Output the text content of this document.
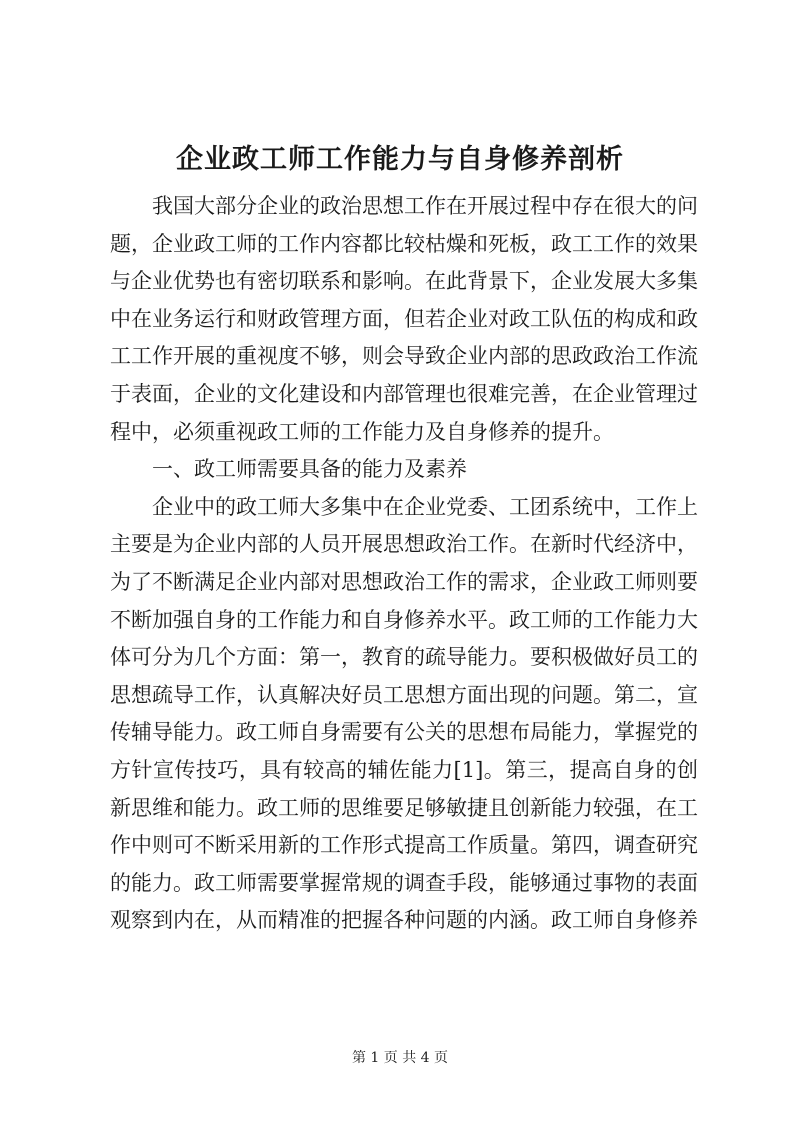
企业政工师工作能力与自身修养剖析

我国大部分企业的政治思想工作在开展过程中存在很大的问题，企业政工师的工作内容都比较枯燥和死板，政工工作的效果与企业优势也有密切联系和影响。在此背景下，企业发展大多集中在业务运行和财政管理方面，但若企业对政工队伍的构成和政工工作开展的重视度不够，则会导致企业内部的思政政治工作流于表面，企业的文化建设和内部管理也很难完善，在企业管理过程中，必须重视政工师的工作能力及自身修养的提升。

一、政工师需要具备的能力及素养

企业中的政工师大多集中在企业党委、工团系统中，工作上主要是为企业内部的人员开展思想政治工作。在新时代经济中，为了不断满足企业内部对思想政治工作的需求，企业政工师则要不断加强自身的工作能力和自身修养水平。政工师的工作能力大体可分为几个方面：第一，教育的疏导能力。要积极做好员工的思想疏导工作，认真解决好员工思想方面出现的问题。第二，宣传辅导能力。政工师自身需要有公关的思想布局能力，掌握党的方针宣传技巧，具有较高的辅佐能力[1]。第三，提高自身的创新思维和能力。政工师的思维要足够敏捷且创新能力较强，在工作中则可不断采用新的工作形式提高工作质量。第四，调查研究的能力。政工师需要掌握常规的调查手段，能够通过事物的表面观察到内在，从而精准的把握各种问题的内涵。政工师自身修养

第 1 页 共 4 页
